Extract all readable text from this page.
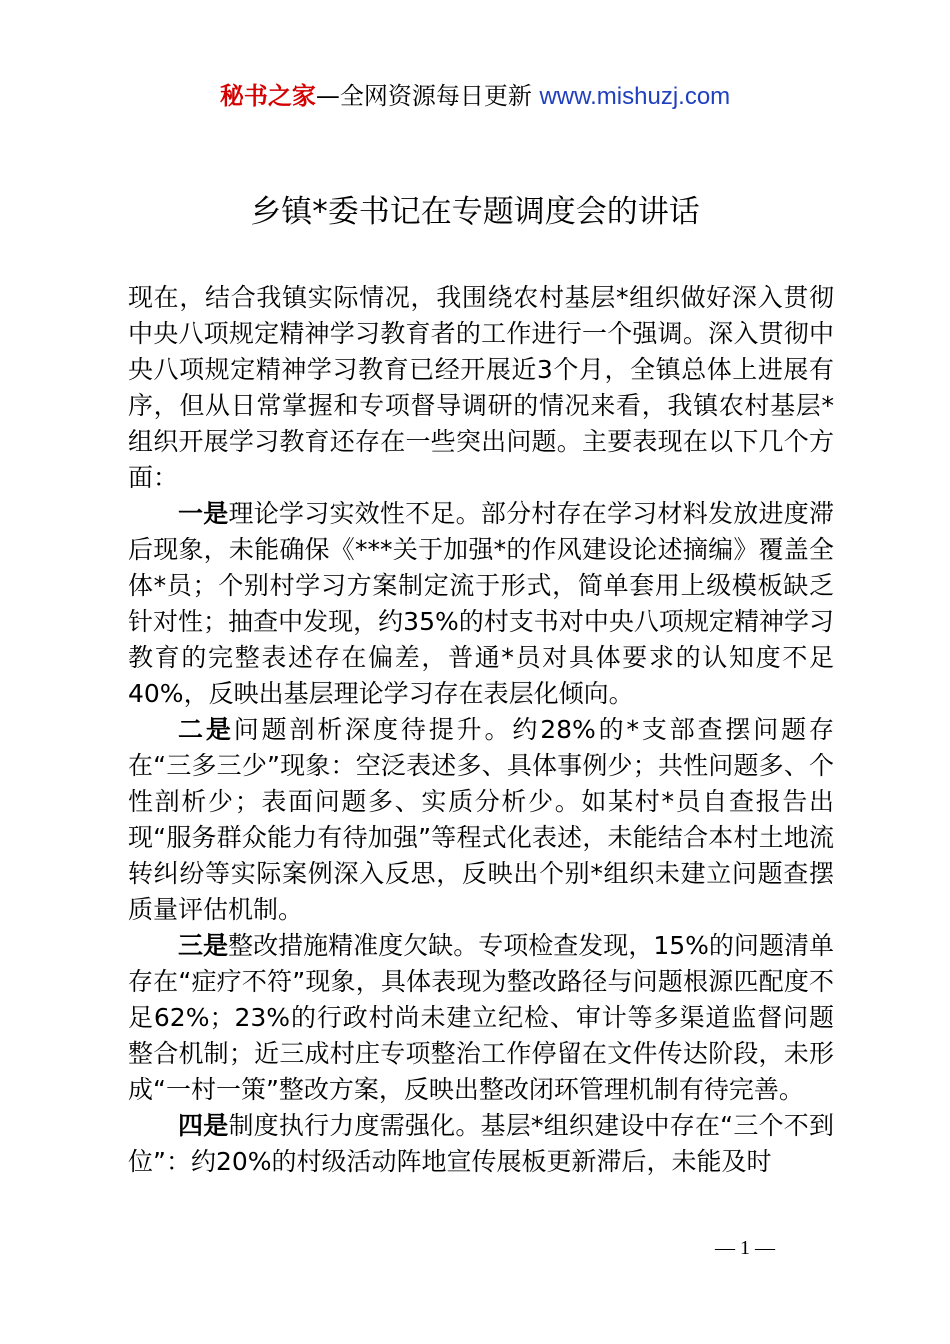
秘书之家—全网资源每日更新 www.mishuzj.com
乡镇*委书记在专题调度会的讲话

现在，结合我镇实际情况，我围绕农村基层*组织做好深入贯彻中央八项规定精神学习教育者的工作进行一个强调。深入贯彻中央八项规定精神学习教育已经开展近3个月，全镇总体上进展有序，但从日常掌握和专项督导调研的情况来看，我镇农村基层*组织开展学习教育还存在一些突出问题。主要表现在以下几个方面：

一是理论学习实效性不足。部分村存在学习材料发放进度滞后现象，未能确保《***关于加强*的作风建设论述摘编》覆盖全体*员；个别村学习方案制定流于形式，简单套用上级模板缺乏针对性；抽查中发现，约35%的村支书对中央八项规定精神学习教育的完整表述存在偏差，普通*员对具体要求的认知度不足40%，反映出基层理论学习存在表层化倾向。

二是问题剖析深度待提升。约28%的*支部查摆问题存在“三多三少”现象：空泛表述多、具体事例少；共性问题多、个性剖析少；表面问题多、实质分析少。如某村*员自查报告出现“服务群众能力有待加强”等程式化表述，未能结合本村土地流转纠纷等实际案例深入反思，反映出个别*组织未建立问题查摆质量评估机制。

三是整改措施精准度欠缺。专项检查发现，15%的问题清单存在“症疗不符”现象，具体表现为整改路径与问题根源匹配度不足62%；23%的行政村尚未建立纪检、审计等多渠道监督问题整合机制；近三成村庄专项整治工作停留在文件传达阶段，未形成“一村一策”整改方案，反映出整改闭环管理机制有待完善。

四是制度执行力度需强化。基层*组织建设中存在“三个不到位”：约20%的村级活动阵地宣传展板更新滞后，未能及时

— 1 —
